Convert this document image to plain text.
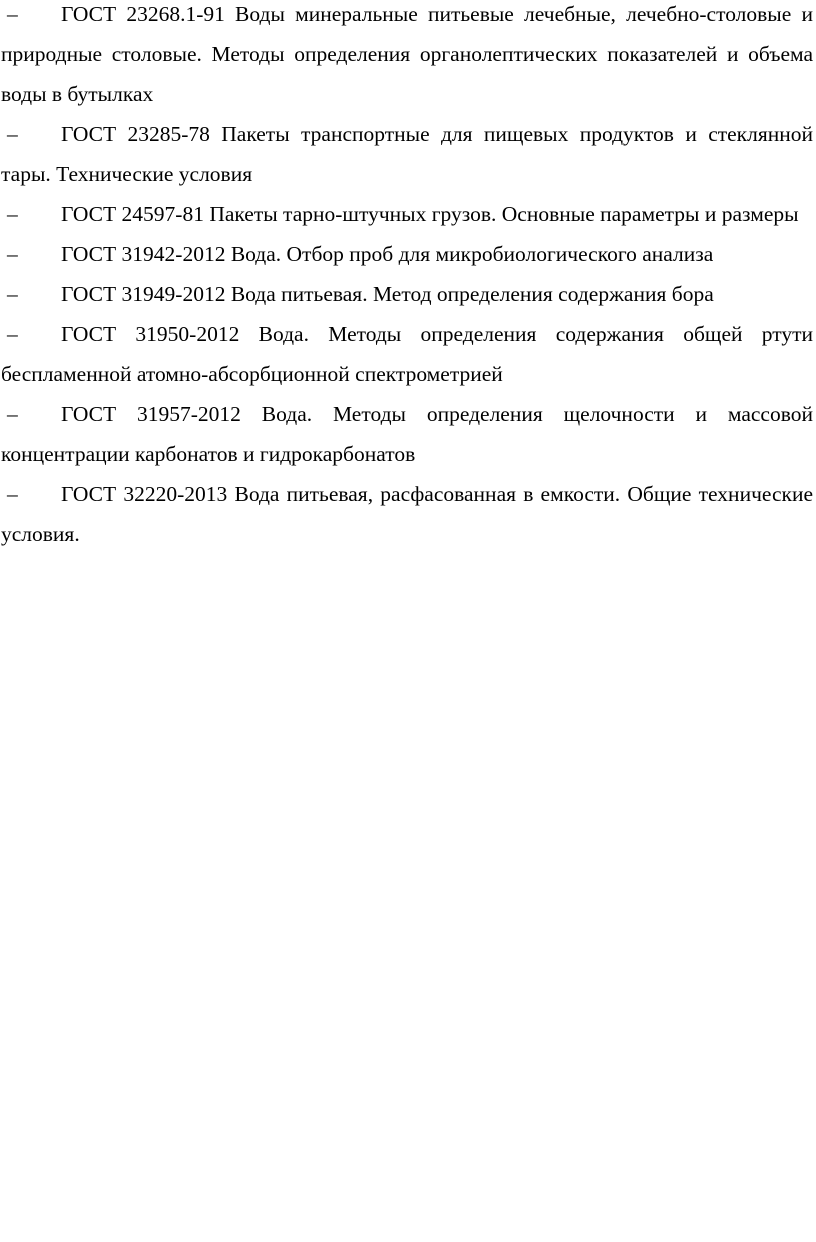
– ГОСТ 23268.1-91 Воды минеральные питьевые лечебные, лечебно-столовые и природные столовые. Методы определения органолептических показателей и объема воды в бутылках
– ГОСТ 23285-78 Пакеты транспортные для пищевых продуктов и стеклянной тары. Технические условия
– ГОСТ 24597-81 Пакеты тарно-штучных грузов. Основные параметры и размеры
– ГОСТ 31942-2012 Вода. Отбор проб для микробиологического анализа
– ГОСТ 31949-2012 Вода питьевая. Метод определения содержания бора
– ГОСТ 31950-2012 Вода. Методы определения содержания общей ртути беспламенной атомно-абсорбционной спектрометрией
– ГОСТ 31957-2012 Вода. Методы определения щелочности и массовой концентрации карбонатов и гидрокарбонатов
– ГОСТ 32220-2013 Вода питьевая, расфасованная в емкости. Общие технические условия.
